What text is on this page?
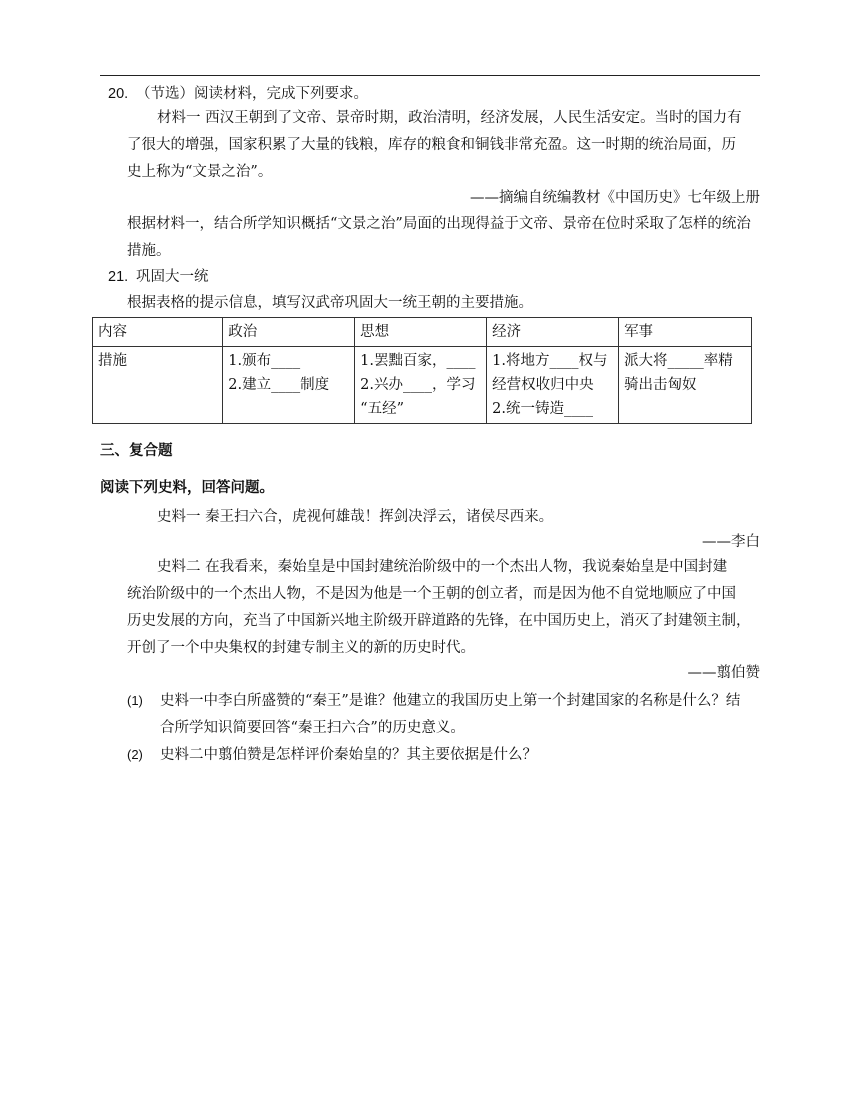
20. （节选）阅读材料，完成下列要求。
材料一 西汉王朝到了文帝、景帝时期，政治清明，经济发展，人民生活安定。当时的国力有
了很大的增强，国家积累了大量的钱粮，库存的粮食和铜钱非常充盈。这一时期的统治局面，历
史上称为“文景之治”。
——摘编自统编教材《中国历史》七年级上册
根据材料一，结合所学知识概括“文景之治”局面的出现得益于文帝、景帝在位时采取了怎样的统治
措施。
21. 巩固大一统
根据表格的提示信息，填写汉武帝巩固大一统王朝的主要措施。
内容	政治	思想	经济	军事
措施	1.颁布____
2.建立____制度	1.罢黜百家，____
2.兴办____，学习
“五经”	1.将地方____权与
经营权收归中央
2.统一铸造____	派大将_____率精
骑出击匈奴
三、复合题
阅读下列史料，回答问题。
史料一 秦王扫六合，虎视何雄哉！挥剑决浮云，诸侯尽西来。
——李白
史料二 在我看来，秦始皇是中国封建统治阶级中的一个杰出人物，我说秦始皇是中国封建
统治阶级中的一个杰出人物，不是因为他是一个王朝的创立者，而是因为他不自觉地顺应了中国
历史发展的方向，充当了中国新兴地主阶级开辟道路的先锋，在中国历史上，消灭了封建领主制，
开创了一个中央集权的封建专制主义的新的历史时代。
——翦伯赞
(1) 史料一中李白所盛赞的“秦王”是谁？他建立的我国历史上第一个封建国家的名称是什么？结
合所学知识简要回答“秦王扫六合”的历史意义。
(2) 史料二中翦伯赞是怎样评价秦始皇的？其主要依据是什么？
